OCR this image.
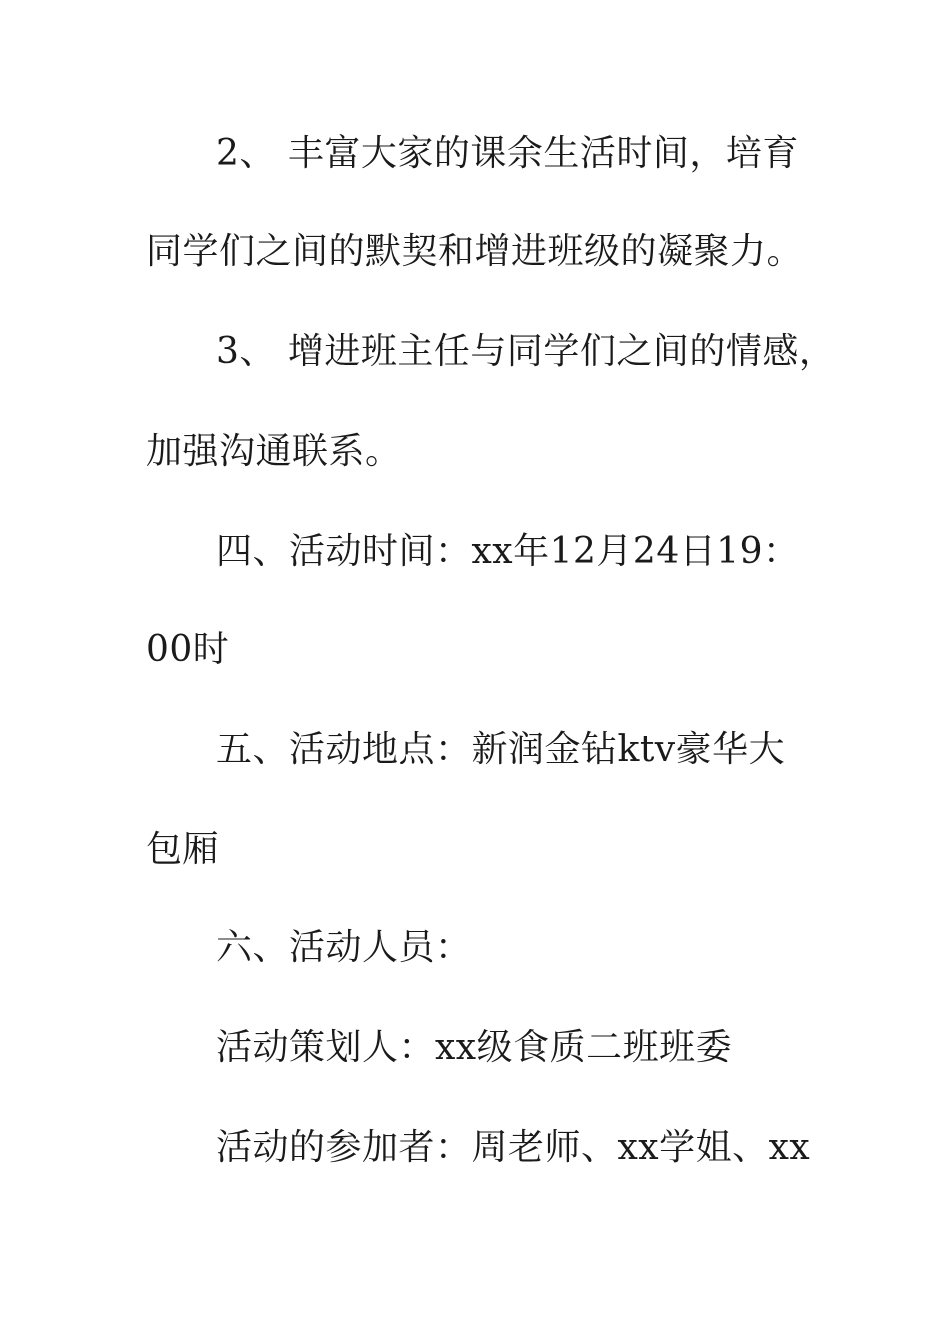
2、 丰富大家的课余生活时间，培育
同学们之间的默契和增进班级的凝聚力。
3、 增进班主任与同学们之间的情感，
加强沟通联系。
四、活动时间：xx年12月24日19：
00时
五、活动地点：新润金钻ktv豪华大
包厢
六、活动人员：
活动策划人：xx级食质二班班委
活动的参加者：周老师、xx学姐、xx
